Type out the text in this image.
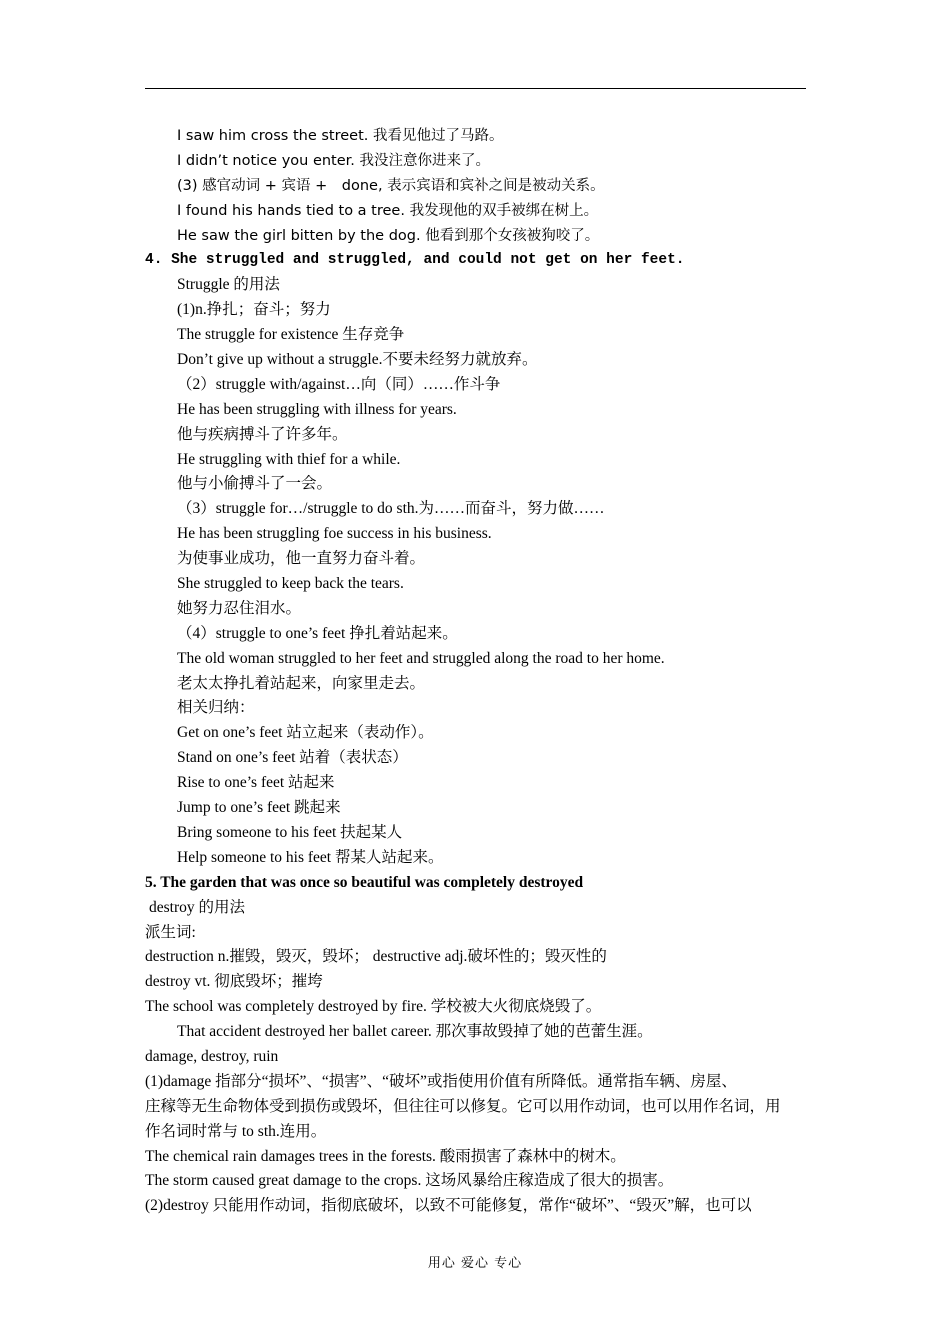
I saw him cross the street. 我看见他过了马路。
I didn’t notice you enter. 我没注意你进来了。
(3) 感官动词 + 宾语 +　done, 表示宾语和宾补之间是被动关系。
I found his hands tied to a tree. 我发现他的双手被绑在树上。
He saw the girl bitten by the dog. 他看到那个女孩被狗咬了。
4. She struggled and struggled, and could not get on her feet.
Struggle 的用法
(1)n.挣扎；奋斗；努力
The struggle for existence 生存竞争
Don’t give up without a struggle.不要未经努力就放弃。
（2）struggle with/against…向（同）……作斗争
He has been struggling with illness for years.
他与疾病搏斗了许多年。
He struggling with thief for a while.
他与小偷搏斗了一会。
（3）struggle for…/struggle to do sth.为……而奋斗，努力做……
He has been struggling foe success in his business.
为使事业成功，他一直努力奋斗着。
She struggled to keep back the tears.
她努力忍住泪水。
（4）struggle to one’s feet 挣扎着站起来。
The old woman struggled to her feet and struggled along the road to her home.
老太太挣扎着站起来，向家里走去。
相关归纳：
Get on one’s feet 站立起来（表动作）。
Stand on one’s feet 站着（表状态）
Rise to one’s feet 站起来
Jump to one’s feet 跳起来
Bring someone to his feet 扶起某人
Help someone to his feet 帮某人站起来。
5. The garden that was once so beautiful was completely destroyed
destroy 的用法
派生词:
destruction n.摧毁，毁灭，毁坏； destructive adj.破坏性的；毁灭性的
destroy vt. 彻底毁坏；摧垮
The school was completely destroyed by fire. 学校被大火彻底烧毁了。
That accident destroyed her ballet career. 那次事故毁掉了她的芭蕾生涯。
damage, destroy, ruin
(1)damage 指部分“损坏”、“损害”、“破坏”或指使用价值有所降低。通常指车辆、房屋、
庄稼等无生命物体受到损伤或毁坏，但往往可以修复。它可以用作动词，也可以用作名词，用
作名词时常与 to sth.连用。
The chemical rain damages trees in the forests. 酸雨损害了森林中的树木。
The storm caused great damage to the crops. 这场风暴给庄稼造成了很大的损害。
(2)destroy 只能用作动词，指彻底破坏，以致不可能修复，常作“破坏”、“毁灭”解，也可以
用心 爱心 专心
